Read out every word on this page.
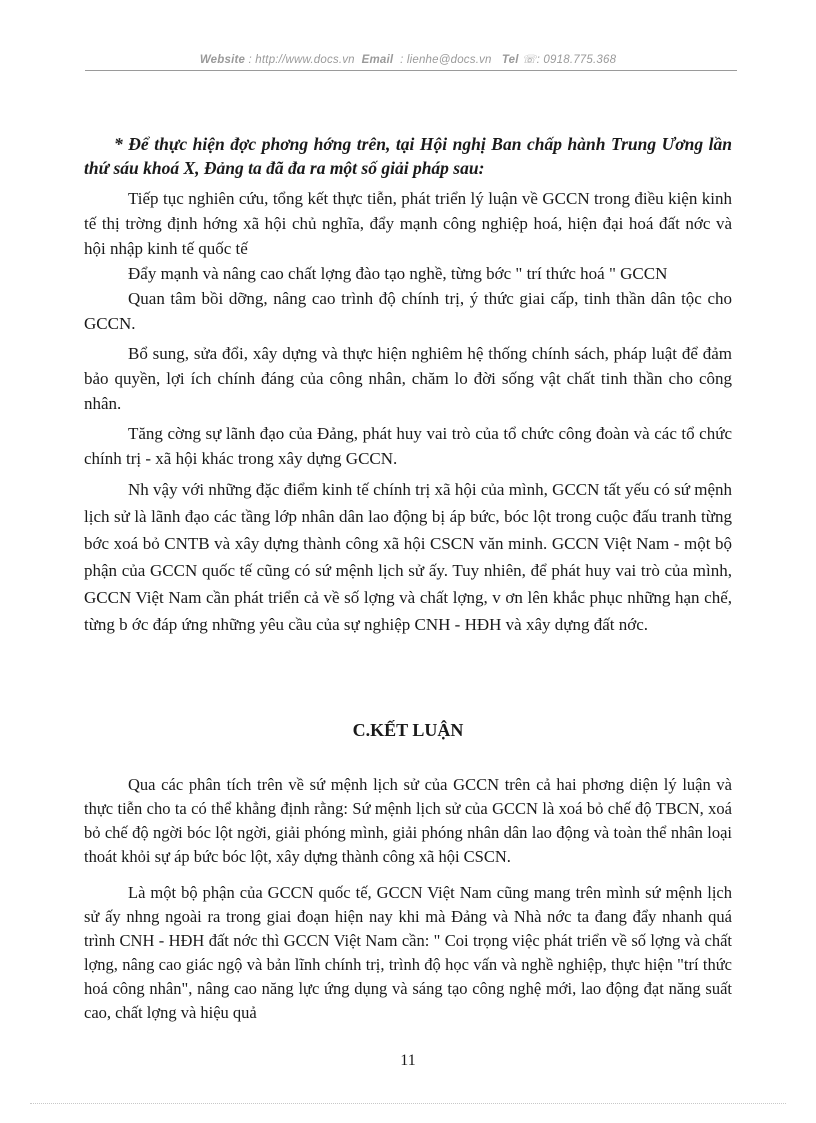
Website : http://www.docs.vn Email : lienhe@docs.vn Tel ☏: 0918.775.368

* Để thực hiện đợc phơng hớng trên, tại Hội nghị Ban chấp hành Trung Ương lần thứ sáu khoá X, Đảng ta đã đa ra một số giải pháp sau:

Tiếp tục nghiên cứu, tổng kết thực tiễn, phát triển lý luận về GCCN trong điều kiện kinh tế thị trờng định hớng xã hội chủ nghĩa, đẩy mạnh công nghiệp hoá, hiện đại hoá đất nớc và hội nhập kinh tế quốc tế

Đẩy mạnh và nâng cao chất lợng đào tạo nghề, từng bớc " trí thức hoá " GCCN

Quan tâm bồi dỡng, nâng cao trình độ chính trị, ý thức giai cấp, tinh thần dân tộc cho GCCN.

Bổ sung, sửa đổi, xây dựng và thực hiện nghiêm hệ thống chính sách, pháp luật để đảm bảo quyền, lợi ích chính đáng của công nhân, chăm lo đời sống vật chất tinh thần cho công nhân.

Tăng cờng sự lãnh đạo của Đảng, phát huy vai trò của tổ chức công đoàn và các tổ chức chính trị - xã hội khác trong xây dựng GCCN.

Nh vậy với những đặc điểm kinh tế chính trị xã hội của mình, GCCN tất yếu có sứ mệnh lịch sử là lãnh đạo các tầng lớp nhân dân lao động bị áp bức, bóc lột trong cuộc đấu tranh từng bớc xoá bỏ CNTB và xây dựng thành công xã hội CSCN văn minh. GCCN Việt Nam - một bộ phận của GCCN quốc tế cũng có sứ mệnh lịch sử ấy. Tuy nhiên, để phát huy vai trò của mình, GCCN Việt Nam cần phát triển cả về số lợng và chất lợng, v ơn lên khắc phục những hạn chế, từng b ớc đáp ứng những yêu cầu của sự nghiệp CNH - HĐH và xây dựng đất nớc.

C.KẾT LUẬN

Qua các phân tích trên về sứ mệnh lịch sử của GCCN trên cả hai phơng diện lý luận và thực tiễn cho ta có thể khẳng định rằng: Sứ mệnh lịch sử của GCCN là xoá bỏ chế độ TBCN, xoá bỏ chế độ ngời bóc lột ngời, giải phóng mình, giải phóng nhân dân lao động và toàn thể nhân loại thoát khỏi sự áp bức bóc lột, xây dựng thành công xã hội CSCN.

Là một bộ phận của GCCN quốc tế, GCCN Việt Nam cũng mang trên mình sứ mệnh lịch sử ấy nhng ngoài ra trong giai đoạn hiện nay khi mà Đảng và Nhà nớc ta đang đẩy nhanh quá trình CNH - HĐH đất nớc thì GCCN Việt Nam cần: " Coi trọng việc phát triển về số lợng và chất lợng, nâng cao giác ngộ và bản lĩnh chính trị, trình độ học vấn và nghề nghiệp, thực hiện "trí thức hoá công nhân", nâng cao năng lực ứng dụng và sáng tạo công nghệ mới, lao động đạt năng suất cao, chất lợng và hiệu quả

11
